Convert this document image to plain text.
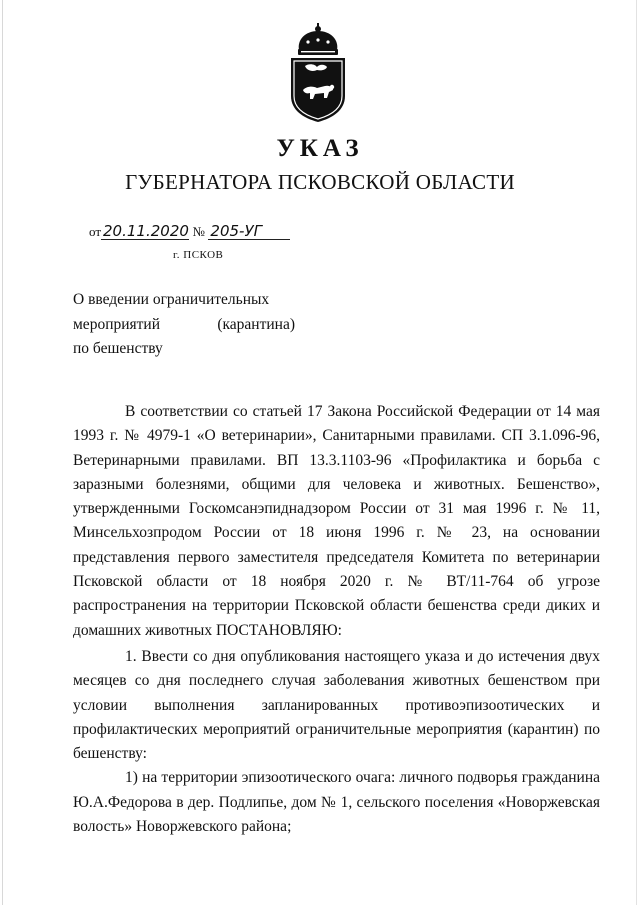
УКАЗ
ГУБЕРНАТОРА ПСКОВСКОЙ ОБЛАСТИ
от 20.11.2020 № 205-УГ
г. ПСКОВ
О введении ограничительных
мероприятий	(карантина)
по бешенству

В соответствии со статьей 17 Закона Российской Федерации от 14 мая 1993 г. № 4979-1 «О ветеринарии», Санитарными правилами. СП 3.1.096-96, Ветеринарными правилами. ВП 13.3.1103-96 «Профилактика и борьба с заразными болезнями, общими для человека и животных. Бешенство», утвержденными Госкомсанэпиднадзором России от 31 мая 1996 г. № 11, Минсельхозпродом России от 18 июня 1996 г. № 23, на основании представления первого заместителя председателя Комитета по ветеринарии Псковской области от 18 ноября 2020 г. № ВТ/11-764 об угрозе распространения на территории Псковской области бешенства среди диких и домашних животных ПОСТАНОВЛЯЮ:

1. Ввести со дня опубликования настоящего указа и до истечения двух месяцев со дня последнего случая заболевания животных бешенством при условии выполнения запланированных противоэпизоотических и профилактических мероприятий ограничительные мероприятия (карантин) по бешенству:

1) на территории эпизоотического очага: личного подворья гражданина Ю.А.Федорова в дер. Подлипье, дом № 1, сельского поселения «Новоржевская волость» Новоржевского района;
